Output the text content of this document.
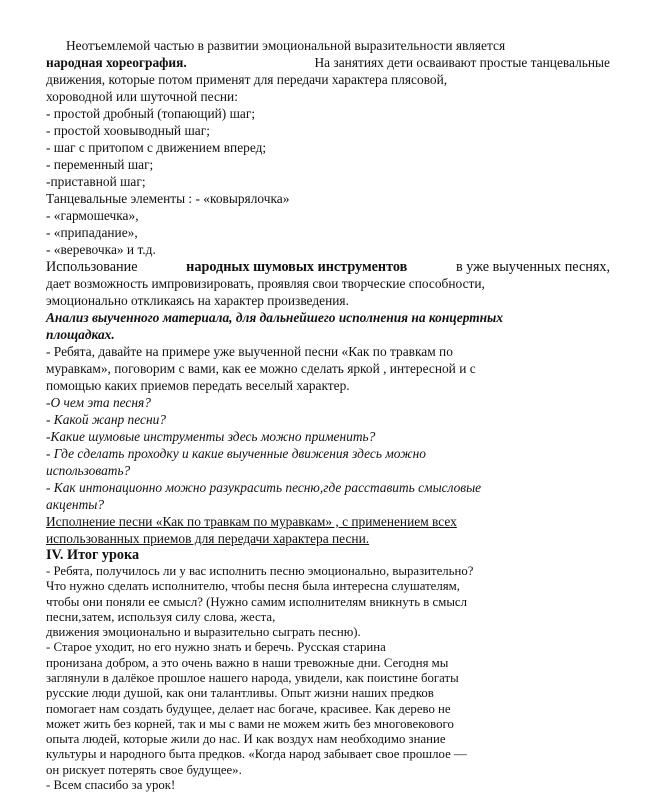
Неотъемлемой частью в развитии эмоциональной выразительности является
народная хореография.	На занятиях дети осваивают простые танцевальные
движения, которые потом применят для передачи характера плясовой,
хороводной или шуточной песни:
- простой дробный (топающий) шаг;
- простой хоовыводный шаг;
- шаг с притопом с движением вперед;
- переменный шаг;
-приставной шаг;
Танцевальные элементы : - «ковырялочка»
- «гармошечка»,
- «припадание»,
- «веревочка» и т.д.
Использование	народных шумовых инструментов	в уже выученных песнях,
дает возможность импровизировать, проявляя свои творческие способности,
эмоционально откликаясь на характер произведения.
Анализ выученного материала, для дальнейшего исполнения на концертных
площадках.
- Ребята, давайте на примере уже выученной песни «Как по травкам по
муравкам», поговорим с вами, как ее можно сделать яркой , интересной и с
помощью каких приемов передать веселый характер.
-О чем эта песня?
- Какой жанр песни?
-Какие шумовые инструменты здесь можно применить?
- Где сделать проходку и какие выученные движения здесь можно
использовать?
- Как интонационно можно разукрасить песню,где расставить смысловые
акценты?
Исполнение песни «Как по травкам по муравкам» , с применением всех
использованных приемов для передачи характера песни.
IV. Итог урока
- Ребята, получилось ли у вас исполнить песню эмоционально, выразительно?
Что нужно сделать исполнителю, чтобы песня была интересна слушателям,
чтобы они поняли ее смысл? (Нужно самим исполнителям вникнуть в смысл
песни,затем, используя силу слова, жеста,
движения эмоционально и выразительно сыграть песню).
- Старое уходит, но его нужно знать и беречь. Русская старина
пронизана добром, а это очень важно в наши тревожные дни. Сегодня мы
заглянули в далёкое прошлое нашего народа, увидели, как поистине богаты
русские люди душой, как они талантливы. Опыт жизни наших предков
помогает нам создать будущее, делает нас богаче, красивее. Как дерево не
может жить без корней, так и мы с вами не можем жить без многовекового
опыта людей, которые жили до нас. И как воздух нам необходимо знание
культуры и народного быта предков. «Когда народ забывает свое прошлое —
он рискует потерять свое будущее».
- Всем спасибо за урок!
